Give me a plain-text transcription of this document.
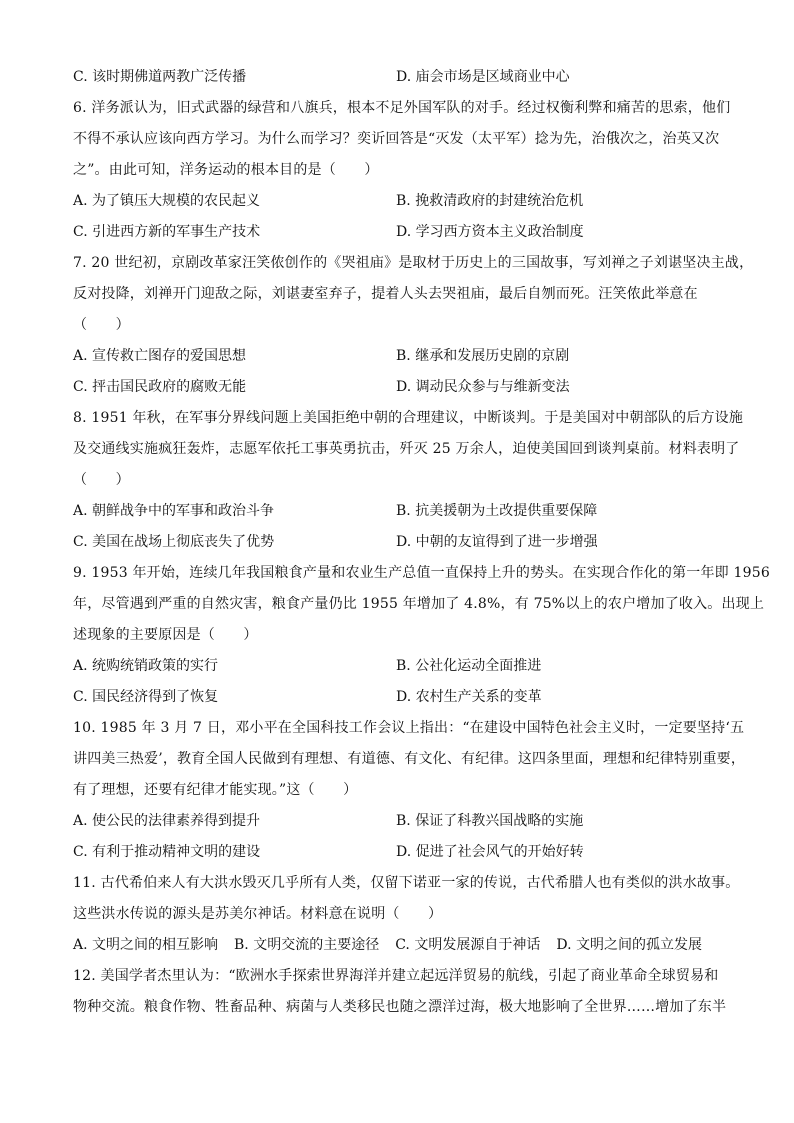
C. 该时期佛道两教广泛传播	D. 庙会市场是区域商业中心
6. 洋务派认为，旧式武器的绿营和八旗兵，根本不足外国军队的对手。经过权衡利弊和痛苦的思索，他们
不得不承认应该向西方学习。为什么而学习？奕䜣回答是“灭发（太平军）捻为先，治俄次之，治英又次
之”。由此可知，洋务运动的根本目的是（　　）
A. 为了镇压大规模的农民起义	B. 挽救清政府的封建统治危机
C. 引进西方新的军事生产技术	D. 学习西方资本主义政治制度
7. 20 世纪初，京剧改革家汪笑侬创作的《哭祖庙》是取材于历史上的三国故事，写刘禅之子刘谌坚决主战，
反对投降，刘禅开门迎敌之际，刘谌妻室弃子，提着人头去哭祖庙，最后自刎而死。汪笑侬此举意在
（　　）
A. 宣传救亡图存的爱国思想	B. 继承和发展历史剧的京剧
C. 抨击国民政府的腐败无能	D. 调动民众参与与维新变法
8. 1951 年秋，在军事分界线问题上美国拒绝中朝的合理建议，中断谈判。于是美国对中朝部队的后方设施
及交通线实施疯狂轰炸，志愿军依托工事英勇抗击，歼灭 25 万余人，迫使美国回到谈判桌前。材料表明了
（　　）
A. 朝鲜战争中的军事和政治斗争	B. 抗美援朝为土改提供重要保障
C. 美国在战场上彻底丧失了优势	D. 中朝的友谊得到了进一步增强
9. 1953 年开始，连续几年我国粮食产量和农业生产总值一直保持上升的势头。在实现合作化的第一年即 1956
年，尽管遇到严重的自然灾害，粮食产量仍比 1955 年增加了 4.8%，有 75%以上的农户增加了收入。出现上
述现象的主要原因是（　　）
A. 统购统销政策的实行	B. 公社化运动全面推进
C. 国民经济得到了恢复	D. 农村生产关系的变革
10. 1985 年 3 月 7 日，邓小平在全国科技工作会议上指出：“在建设中国特色社会主义时，一定要坚持‘五
讲四美三热爱’，教育全国人民做到有理想、有道德、有文化、有纪律。这四条里面，理想和纪律特别重要，
有了理想，还要有纪律才能实现。”这（　　）
A. 使公民的法律素养得到提升	B. 保证了科教兴国战略的实施
C. 有利于推动精神文明的建设	D. 促进了社会风气的开始好转
11. 古代希伯来人有大洪水毁灭几乎所有人类，仅留下诺亚一家的传说，古代希腊人也有类似的洪水故事。
这些洪水传说的源头是苏美尔神话。材料意在说明（　　）
A. 文明之间的相互影响 B. 文明交流的主要途径 C. 文明发展源自于神话 D. 文明之间的孤立发展
12. 美国学者杰里认为：“欧洲水手探索世界海洋并建立起远洋贸易的航线，引起了商业革命全球贸易和
物种交流。粮食作物、牲畜品种、病菌与人类移民也随之漂洋过海，极大地影响了全世界……增加了东半
